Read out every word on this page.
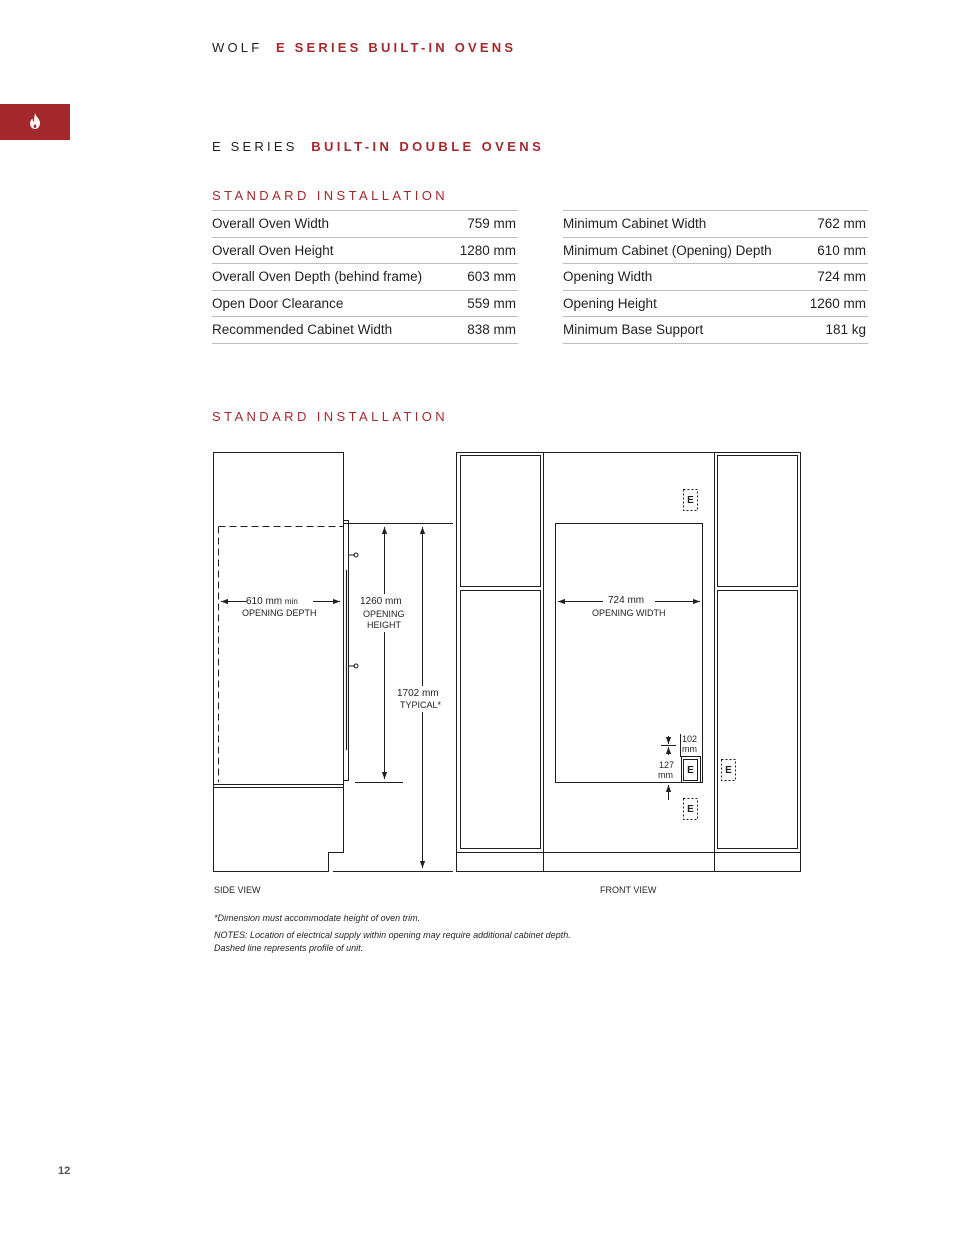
WOLF E SERIES BUILT-IN OVENS
E SERIES BUILT-IN DOUBLE OVENS
STANDARD INSTALLATION
Overall Oven Width	759 mm
Overall Oven Height	1280 mm
Overall Oven Depth (behind frame)	603 mm
Open Door Clearance	559 mm
Recommended Cabinet Width	838 mm
Minimum Cabinet Width	762 mm
Minimum Cabinet (Opening) Depth	610 mm
Opening Width	724 mm
Opening Height	1260 mm
Minimum Base Support	181 kg
STANDARD INSTALLATION
E
E
E
E
610 mm min
OPENING DEPTH
1260 mm
OPENING
HEIGHT
1702 mm
TYPICAL*
724 mm
OPENING WIDTH
102
mm
127
mm
SIDE VIEW	FRONT VIEW
*Dimension must accommodate height of oven trim.
NOTES: Location of electrical supply within opening may require additional cabinet depth.
Dashed line represents profile of unit.
12
